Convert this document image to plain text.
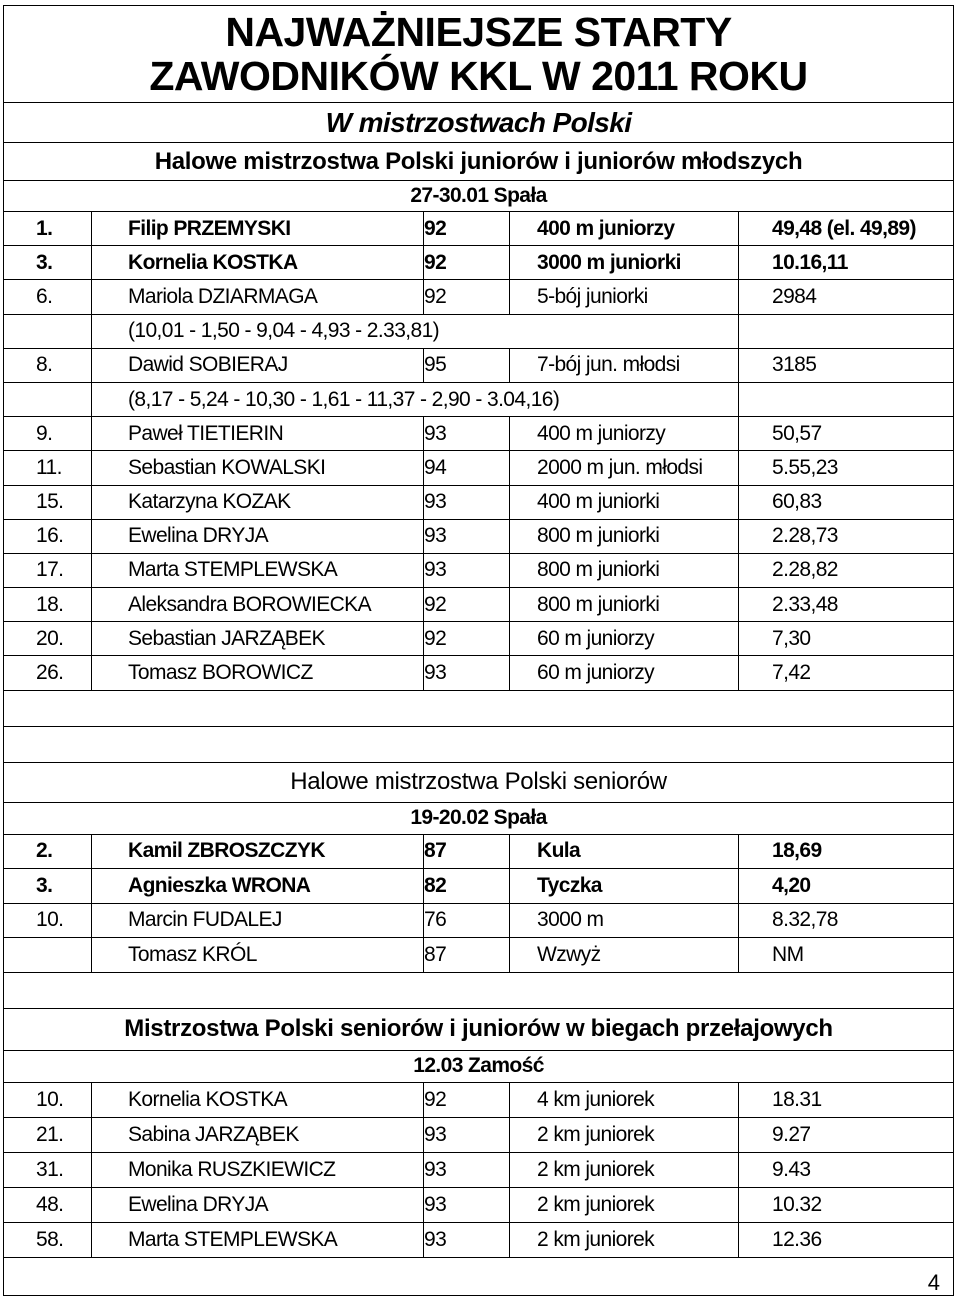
NAJWAŻNIEJSZE STARTY
ZAWODNIKÓW KKL W 2011 ROKU				

W mistrzostwach Polski				
Halowe mistrzostwa Polski juniorów i juniorów młodszych				
27-30.01 Spała				
1.	Filip PRZEMYSKI	92	400 m juniorzy	49,48 (el. 49,89)
3.	Kornelia KOSTKA	92	3000 m juniorki	10.16,11
6.	Mariola DZIARMAGA	92	5-bój juniorki	2984
	(10,01 - 1,50 - 9,04 - 4,93 - 2.33,81)			
8.	Dawid SOBIERAJ	95	7-bój jun. młodsi	3185
	(8,17 - 5,24 - 10,30 - 1,61 - 11,37 - 2,90 - 3.04,16)			
9.	Paweł TIETIERIN	93	400 m juniorzy	50,57
11.	Sebastian KOWALSKI	94	2000 m jun. młodsi	5.55,23
15.	Katarzyna KOZAK	93	400 m juniorki	60,83
16.	Ewelina DRYJA	93	800 m juniorki	2.28,73
17.	Marta STEMPLEWSKA	93	800 m juniorki	2.28,82
18.	Aleksandra BOROWIECKA	92	800 m juniorki	2.33,48
20.	Sebastian JARZĄBEK	92	60 m juniorzy	7,30
26.	Tomasz BOROWICZ	93	60 m juniorzy	7,42

Halowe mistrzostwa Polski seniorów				
19-20.02 Spała				
2.	Kamil ZBROSZCZYK	87	Kula	18,69
3.	Agnieszka WRONA	82	Tyczka	4,20
10.	Marcin FUDALEJ	76	3000 m	8.32,78
	Tomasz KRÓL	87	Wzwyż	NM

Mistrzostwa Polski seniorów i juniorów w biegach przełajowych				
12.03 Zamość				
10.	Kornelia KOSTKA	92	4 km juniorek	18.31
21.	Sabina JARZĄBEK	93	2 km juniorek	9.27
31.	Monika RUSZKIEWICZ	93	2 km juniorek	9.43
48.	Ewelina DRYJA	93	2 km juniorek	10.32
58.	Marta STEMPLEWSKA	93	2 km juniorek	12.36

4
